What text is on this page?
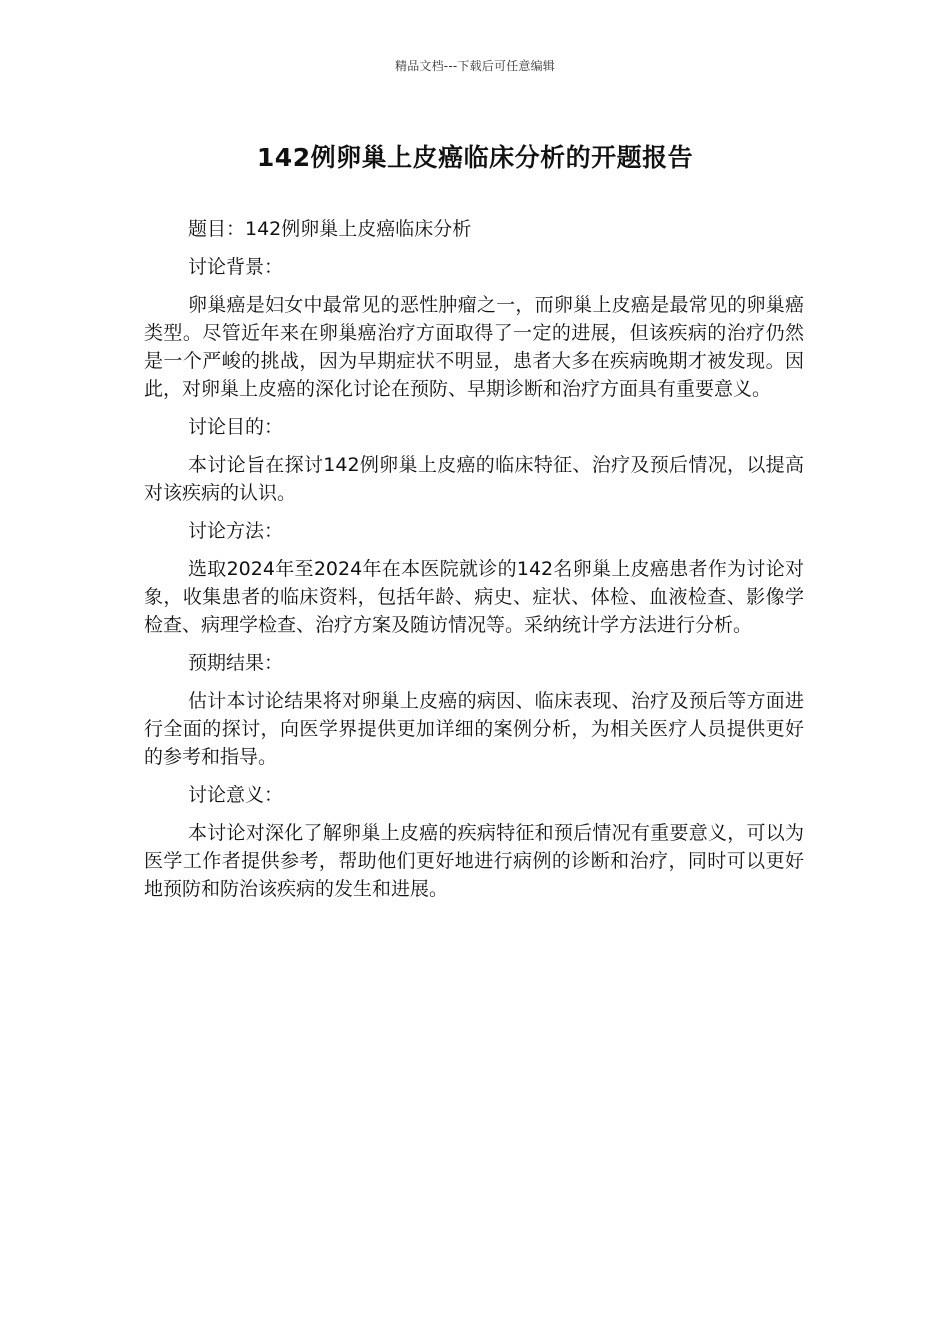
精品文档---下载后可任意编辑
142例卵巢上皮癌临床分析的开题报告

题目：142例卵巢上皮癌临床分析

讨论背景：

卵巢癌是妇女中最常见的恶性肿瘤之一，而卵巢上皮癌是最常见的卵巢癌类型。尽管近年来在卵巢癌治疗方面取得了一定的进展，但该疾病的治疗仍然是一个严峻的挑战，因为早期症状不明显，患者大多在疾病晚期才被发现。因此，对卵巢上皮癌的深化讨论在预防、早期诊断和治疗方面具有重要意义。

讨论目的：

本讨论旨在探讨142例卵巢上皮癌的临床特征、治疗及预后情况，以提高对该疾病的认识。

讨论方法：

选取2024年至2024年在本医院就诊的142名卵巢上皮癌患者作为讨论对象，收集患者的临床资料，包括年龄、病史、症状、体检、血液检查、影像学检查、病理学检查、治疗方案及随访情况等。采纳统计学方法进行分析。

预期结果：

估计本讨论结果将对卵巢上皮癌的病因、临床表现、治疗及预后等方面进行全面的探讨，向医学界提供更加详细的案例分析，为相关医疗人员提供更好的参考和指导。

讨论意义：

本讨论对深化了解卵巢上皮癌的疾病特征和预后情况有重要意义，可以为医学工作者提供参考，帮助他们更好地进行病例的诊断和治疗，同时可以更好地预防和防治该疾病的发生和进展。
